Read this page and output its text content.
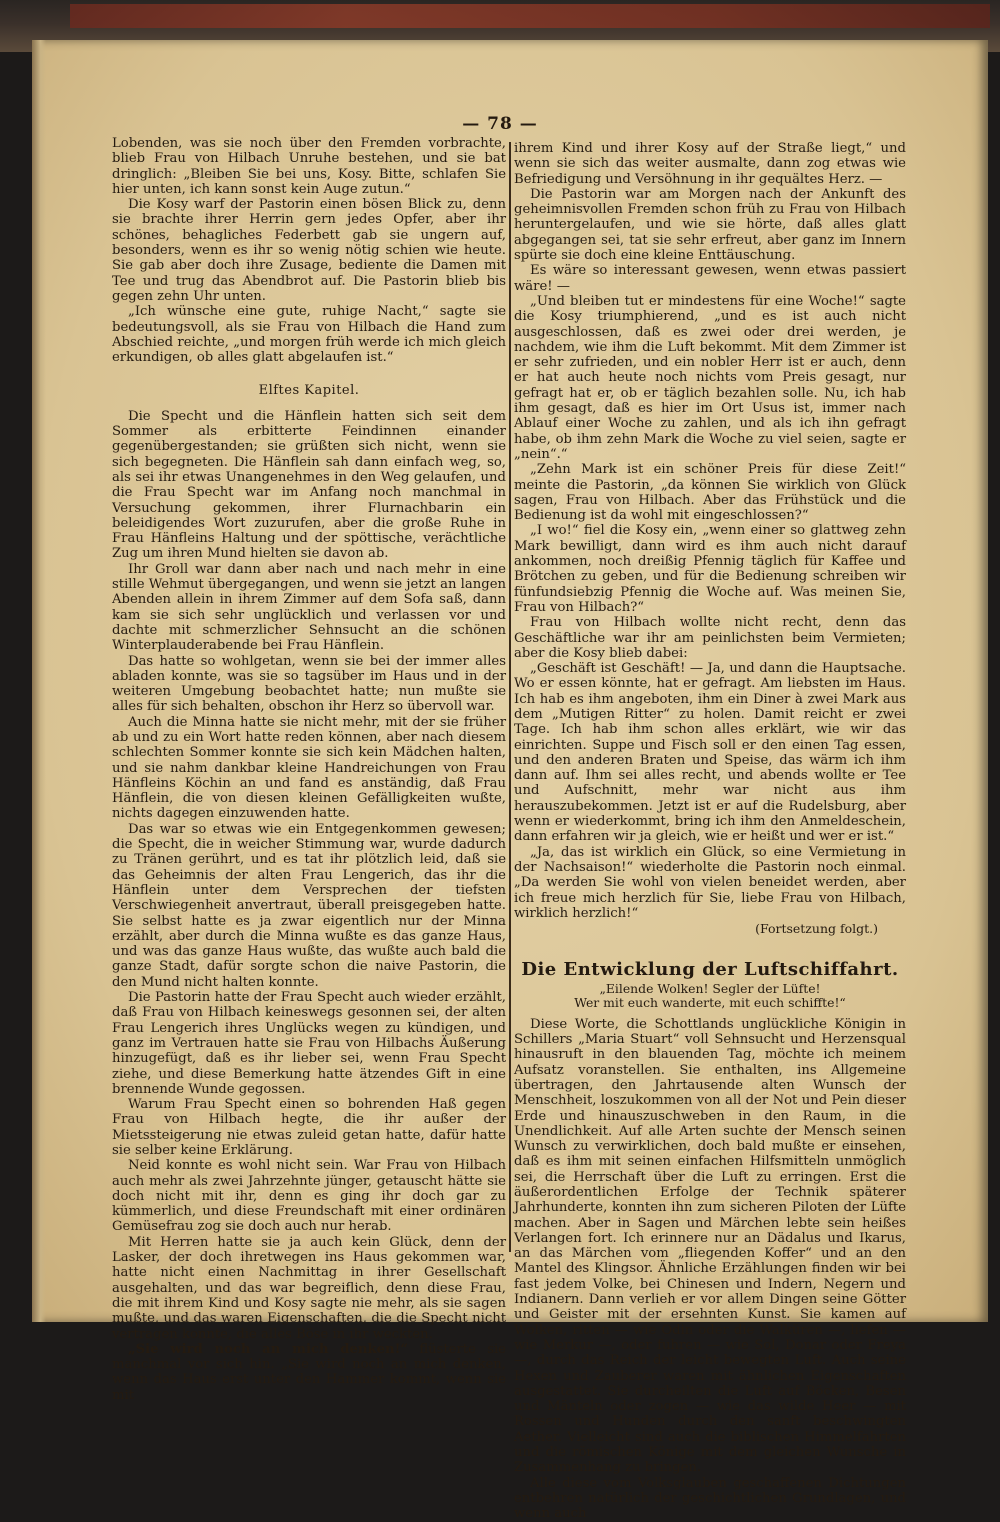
— 78 —

Lobenden, was sie noch über den Fremden vorbrachte, blieb Frau von Hilbach Unruhe bestehen, und sie bat dringlich: „Bleiben Sie bei uns, Kosy. Bitte, schlafen Sie hier unten, ich kann sonst kein Auge zutun.“

Die Kosy warf der Pastorin einen bösen Blick zu, denn sie brachte ihrer Herrin gern jedes Opfer, aber ihr schönes, behagliches Federbett gab sie ungern auf, besonders, wenn es ihr so wenig nötig schien wie heute. Sie gab aber doch ihre Zusage, bediente die Damen mit Tee und trug das Abendbrot auf. Die Pastorin blieb bis gegen zehn Uhr unten.

„Ich wünsche eine gute, ruhige Nacht,“ sagte sie bedeutungsvoll, als sie Frau von Hilbach die Hand zum Abschied reichte, „und morgen früh werde ich mich gleich erkundigen, ob alles glatt abgelaufen ist.“

Elftes Kapitel.

Die Specht und die Hänflein hatten sich seit dem Sommer als erbitterte Feindinnen einander gegenübergestanden; sie grüßten sich nicht, wenn sie sich begegneten. Die Hänflein sah dann einfach weg, so, als sei ihr etwas Unangenehmes in den Weg gelaufen, und die Frau Specht war im Anfang noch manchmal in Versuchung gekommen, ihrer Flurnachbarin ein beleidigendes Wort zuzurufen, aber die große Ruhe in Frau Hänfleins Haltung und der spöttische, verächtliche Zug um ihren Mund hielten sie davon ab.

Ihr Groll war dann aber nach und nach mehr in eine stille Wehmut übergegangen, und wenn sie jetzt an langen Abenden allein in ihrem Zimmer auf dem Sofa saß, dann kam sie sich sehr unglücklich und verlassen vor und dachte mit schmerzlicher Sehnsucht an die schönen Winterplauderabende bei Frau Hänflein.

Das hatte so wohlgetan, wenn sie bei der immer alles abladen konnte, was sie so tagsüber im Haus und in der weiteren Umgebung beobachtet hatte; nun mußte sie alles für sich behalten, obschon ihr Herz so übervoll war.

Auch die Minna hatte sie nicht mehr, mit der sie früher ab und zu ein Wort hatte reden können, aber nach diesem schlechten Sommer konnte sie sich kein Mädchen halten, und sie nahm dankbar kleine Handreichungen von Frau Hänfleins Köchin an und fand es anständig, daß Frau Hänflein, die von diesen kleinen Gefälligkeiten wußte, nichts dagegen einzuwenden hatte.

Das war so etwas wie ein Entgegenkommen gewesen; die Specht, die in weicher Stimmung war, wurde dadurch zu Tränen gerührt, und es tat ihr plötzlich leid, daß sie das Geheimnis der alten Frau Lengerich, das ihr die Hänflein unter dem Versprechen der tiefsten Verschwiegenheit anvertraut, überall preisgegeben hatte. Sie selbst hatte es ja zwar eigentlich nur der Minna erzählt, aber durch die Minna wußte es das ganze Haus, und was das ganze Haus wußte, das wußte auch bald die ganze Stadt, dafür sorgte schon die naive Pastorin, die den Mund nicht halten konnte.

Die Pastorin hatte der Frau Specht auch wieder erzählt, daß Frau von Hilbach keineswegs gesonnen sei, der alten Frau Lengerich ihres Unglücks wegen zu kündigen, und ganz im Vertrauen hatte sie Frau von Hilbachs Äußerung hinzugefügt, daß es ihr lieber sei, wenn Frau Specht ziehe, und diese Bemerkung hatte ätzendes Gift in eine brennende Wunde gegossen.

Warum Frau Specht einen so bohrenden Haß gegen Frau von Hilbach hegte, die ihr außer der Mietssteigerung nie etwas zuleid getan hatte, dafür hatte sie selber keine Erklärung.

Neid konnte es wohl nicht sein. War Frau von Hilbach auch mehr als zwei Jahrzehnte jünger, getauscht hätte sie doch nicht mit ihr, denn es ging ihr doch gar zu kümmerlich, und diese Freundschaft mit einer ordinären Gemüsefrau zog sie doch auch nur herab.

Mit Herren hatte sie ja auch kein Glück, denn der Lasker, der doch ihretwegen ins Haus gekommen war, hatte nicht einen Nachmittag in ihrer Gesellschaft ausgehalten, und das war begreiflich, denn diese Frau, die mit ihrem Kind und Kosy sagte nie mehr, als sie sagen mußte, und das waren Eigenschaften, die die Specht nicht vertragen konnte, die alles Böse in ihr weckten.

„Sie wird noch an mich denken!“ flüsterte sie manchmal vor sich hin. „Sie wird noch an mich denken, wenn das Haus erst unter den Hammer kommt, wenn sie mit

ihrem Kind und ihrer Kosy auf der Straße liegt,“ und wenn sie sich das weiter ausmalte, dann zog etwas wie Befriedigung und Versöhnung in ihr gequältes Herz. —

Die Pastorin war am Morgen nach der Ankunft des geheimnisvollen Fremden schon früh zu Frau von Hilbach heruntergelaufen, und wie sie hörte, daß alles glatt abgegangen sei, tat sie sehr erfreut, aber ganz im Innern spürte sie doch eine kleine Enttäuschung.

Es wäre so interessant gewesen, wenn etwas passiert wäre! —

„Und bleiben tut er mindestens für eine Woche!“ sagte die Kosy triumphierend, „und es ist auch nicht ausgeschlossen, daß es zwei oder drei werden, je nachdem, wie ihm die Luft bekommt. Mit dem Zimmer ist er sehr zufrieden, und ein nobler Herr ist er auch, denn er hat auch heute noch nichts vom Preis gesagt, nur gefragt hat er, ob er täglich bezahlen solle. Nu, ich hab ihm gesagt, daß es hier im Ort Usus ist, immer nach Ablauf einer Woche zu zahlen, und als ich ihn gefragt habe, ob ihm zehn Mark die Woche zu viel seien, sagte er „nein“.“

„Zehn Mark ist ein schöner Preis für diese Zeit!“ meinte die Pastorin, „da können Sie wirklich von Glück sagen, Frau von Hilbach. Aber das Frühstück und die Bedienung ist da wohl mit eingeschlossen?“

„I wo!“ fiel die Kosy ein, „wenn einer so glattweg zehn Mark bewilligt, dann wird es ihm auch nicht darauf ankommen, noch dreißig Pfennig täglich für Kaffee und Brötchen zu geben, und für die Bedienung schreiben wir fünfundsiebzig Pfennig die Woche auf. Was meinen Sie, Frau von Hilbach?“

Frau von Hilbach wollte nicht recht, denn das Geschäftliche war ihr am peinlichsten beim Vermieten; aber die Kosy blieb dabei:

„Geschäft ist Geschäft! — Ja, und dann die Hauptsache. Wo er essen könnte, hat er gefragt. Am liebsten im Haus. Ich hab es ihm angeboten, ihm ein Diner à zwei Mark aus dem „Mutigen Ritter“ zu holen. Damit reicht er zwei Tage. Ich hab ihm schon alles erklärt, wie wir das einrichten. Suppe und Fisch soll er den einen Tag essen, und den anderen Braten und Speise, das wärm ich ihm dann auf. Ihm sei alles recht, und abends wollte er Tee und Aufschnitt, mehr war nicht aus ihm herauszubekommen. Jetzt ist er auf die Rudelsburg, aber wenn er wiederkommt, bring ich ihm den Anmeldeschein, dann erfahren wir ja gleich, wie er heißt und wer er ist.“

„Ja, das ist wirklich ein Glück, so eine Vermietung in der Nachsaison!“ wiederholte die Pastorin noch einmal. „Da werden Sie wohl von vielen beneidet werden, aber ich freue mich herzlich für Sie, liebe Frau von Hilbach, wirklich herzlich!“

(Fortsetzung folgt.)

Die Entwicklung der Luftschiffahrt.
„Eilende Wolken! Segler der Lüfte!
Wer mit euch wanderte, mit euch schiffte!“

Diese Worte, die Schottlands unglückliche Königin in Schillers „Maria Stuart“ voll Sehnsucht und Herzensqual hinausruft in den blauenden Tag, möchte ich meinem Aufsatz voranstellen. Sie enthalten, ins Allgemeine übertragen, den Jahrtausende alten Wunsch der Menschheit, loszukommen von all der Not und Pein dieser Erde und hinauszuschweben in den Raum, in die Unendlichkeit. Auf alle Arten suchte der Mensch seinen Wunsch zu verwirklichen, doch bald mußte er einsehen, daß es ihm mit seinen einfachen Hilfsmitteln unmöglich sei, die Herrschaft über die Luft zu erringen. Erst die äußerordentlichen Erfolge der Technik späterer Jahrhunderte, konnten ihn zum sicheren Piloten der Lüfte machen. Aber in Sagen und Märchen lebte sein heißes Verlangen fort. Ich erinnere nur an Dädalus und Ikarus, an das Märchen vom „fliegenden Koffer“ und an den Mantel des Klingsor. Ähnliche Erzählungen finden wir bei fast jedem Volke, bei Chinesen und Indern, Negern und Indianern. Dann verlieh er vor allem Dingen seine Götter und Geister mit der ersehnten Kunst. Sie kamen auf Wolken, ritten — wie Odin oder die Walküren —, liefen — wie Merkur —, oder fuhren — wie Sol, Donar oder Freya —, durch das Reich der leicht bewegten Luft. Auch seine Hexen und Zauberer waren mit ähnlichen Eigenschaften ausgestattet. Sie durcheilten die Luft auf Böcken, Besen und Mänteln oder zogen — wie das wilde Heer — mit Rossen und Hunden durch den sanft beschwingten Aether. Vielleicht sind auch die biblischen Himmelfahrten und die römischen Könige mit dem gleichen Wunsche in Zusammenhang zu bringen.

Alle diese vom Volksglauben geschaffenen Dichtungen entbehren natürlich der geschichtlichen Grundlagen, und wenn auch
